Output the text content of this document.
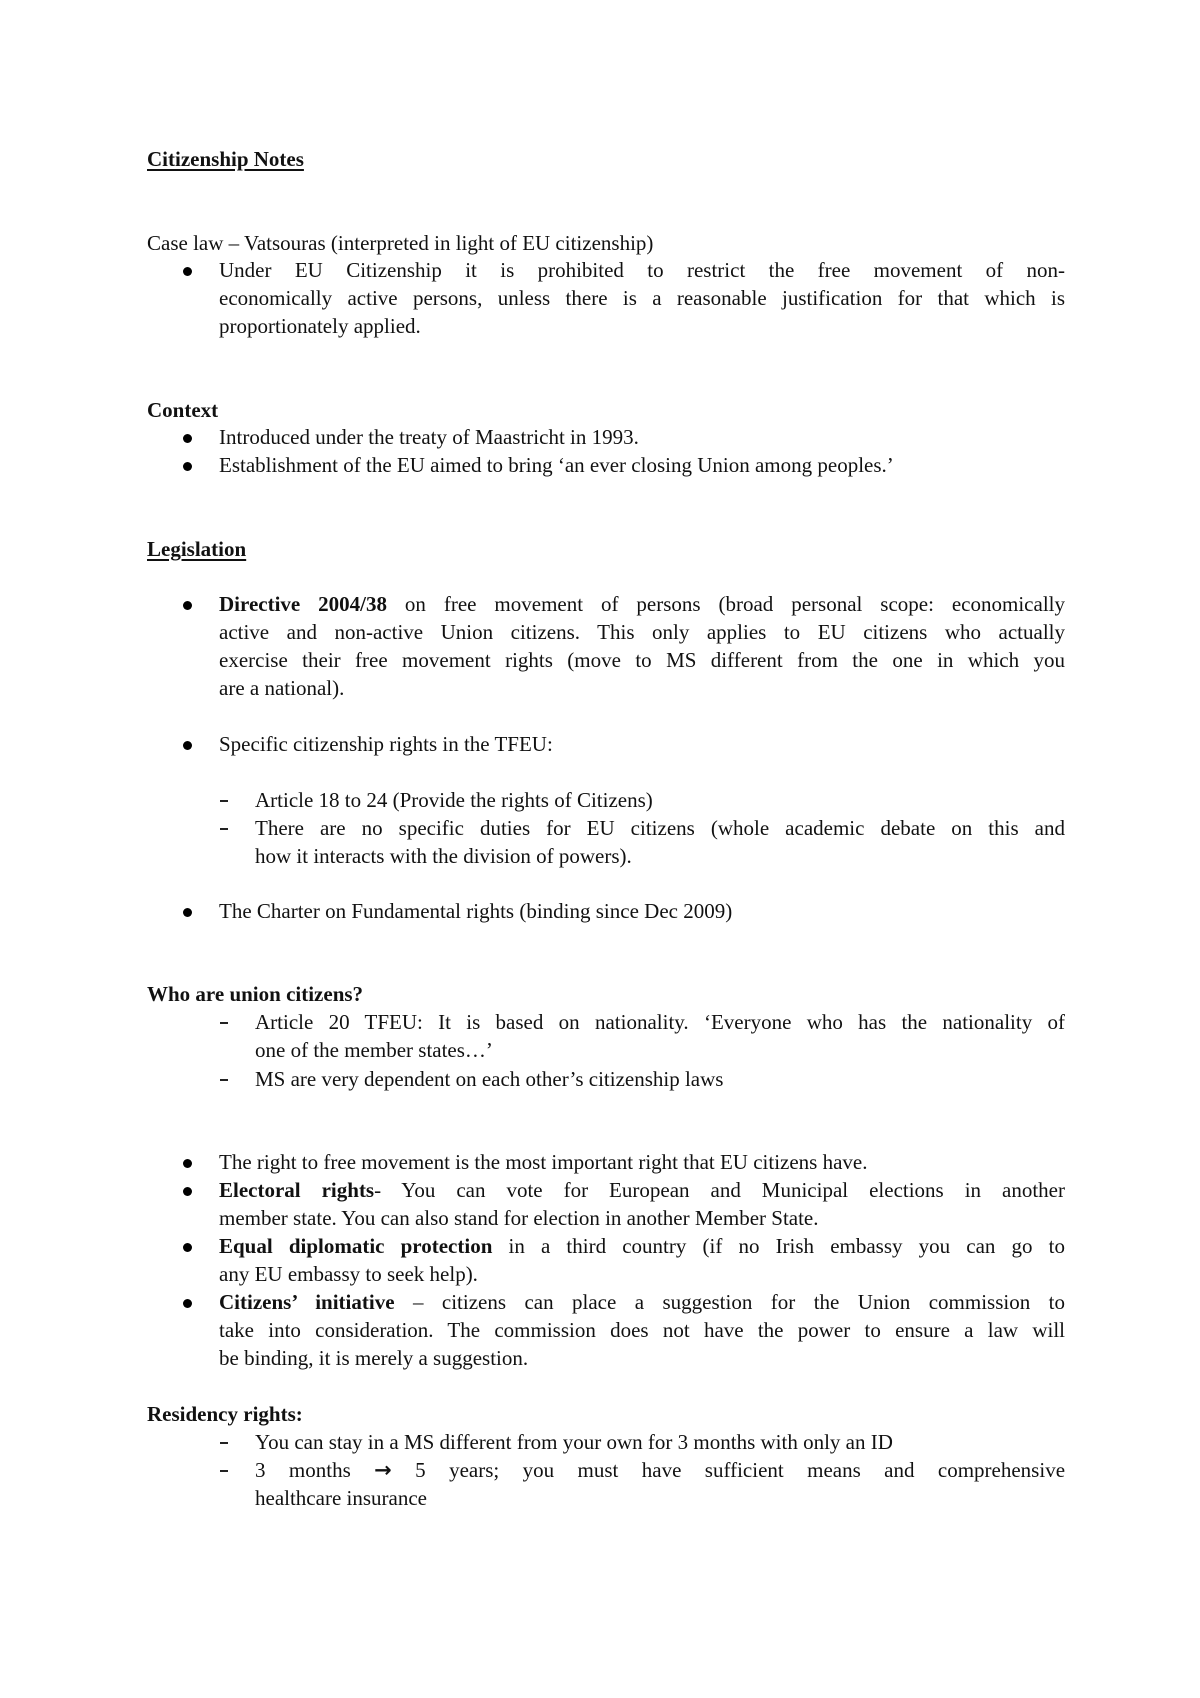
Citizenship Notes
Case law – Vatsouras (interpreted in light of EU citizenship)
Under EU Citizenship it is prohibited to restrict the free movement of non-
economically active persons, unless there is a reasonable justification for that which is
proportionately applied.
Context
Introduced under the treaty of Maastricht in 1993.
Establishment of the EU aimed to bring ‘an ever closing Union among peoples.’
Legislation
Directive 2004/38 on free movement of persons (broad personal scope: economically
active and non-active Union citizens. This only applies to EU citizens who actually
exercise their free movement rights (move to MS different from the one in which you
are a national).
Specific citizenship rights in the TFEU:
Article 18 to 24 (Provide the rights of Citizens)
There are no specific duties for EU citizens (whole academic debate on this and
how it interacts with the division of powers).
The Charter on Fundamental rights (binding since Dec 2009)
Who are union citizens?
Article 20 TFEU: It is based on nationality. ‘Everyone who has the nationality of
one of the member states…’
MS are very dependent on each other’s citizenship laws
The right to free movement is the most important right that EU citizens have.
Electoral rights- You can vote for European and Municipal elections in another
member state. You can also stand for election in another Member State.
Equal diplomatic protection in a third country (if no Irish embassy you can go to
any EU embassy to seek help).
Citizens’ initiative – citizens can place a suggestion for the Union commission to
take into consideration. The commission does not have the power to ensure a law will
be binding, it is merely a suggestion.
Residency rights:
You can stay in a MS different from your own for 3 months with only an ID
3 months → 5 years; you must have sufficient means and comprehensive
healthcare insurance
